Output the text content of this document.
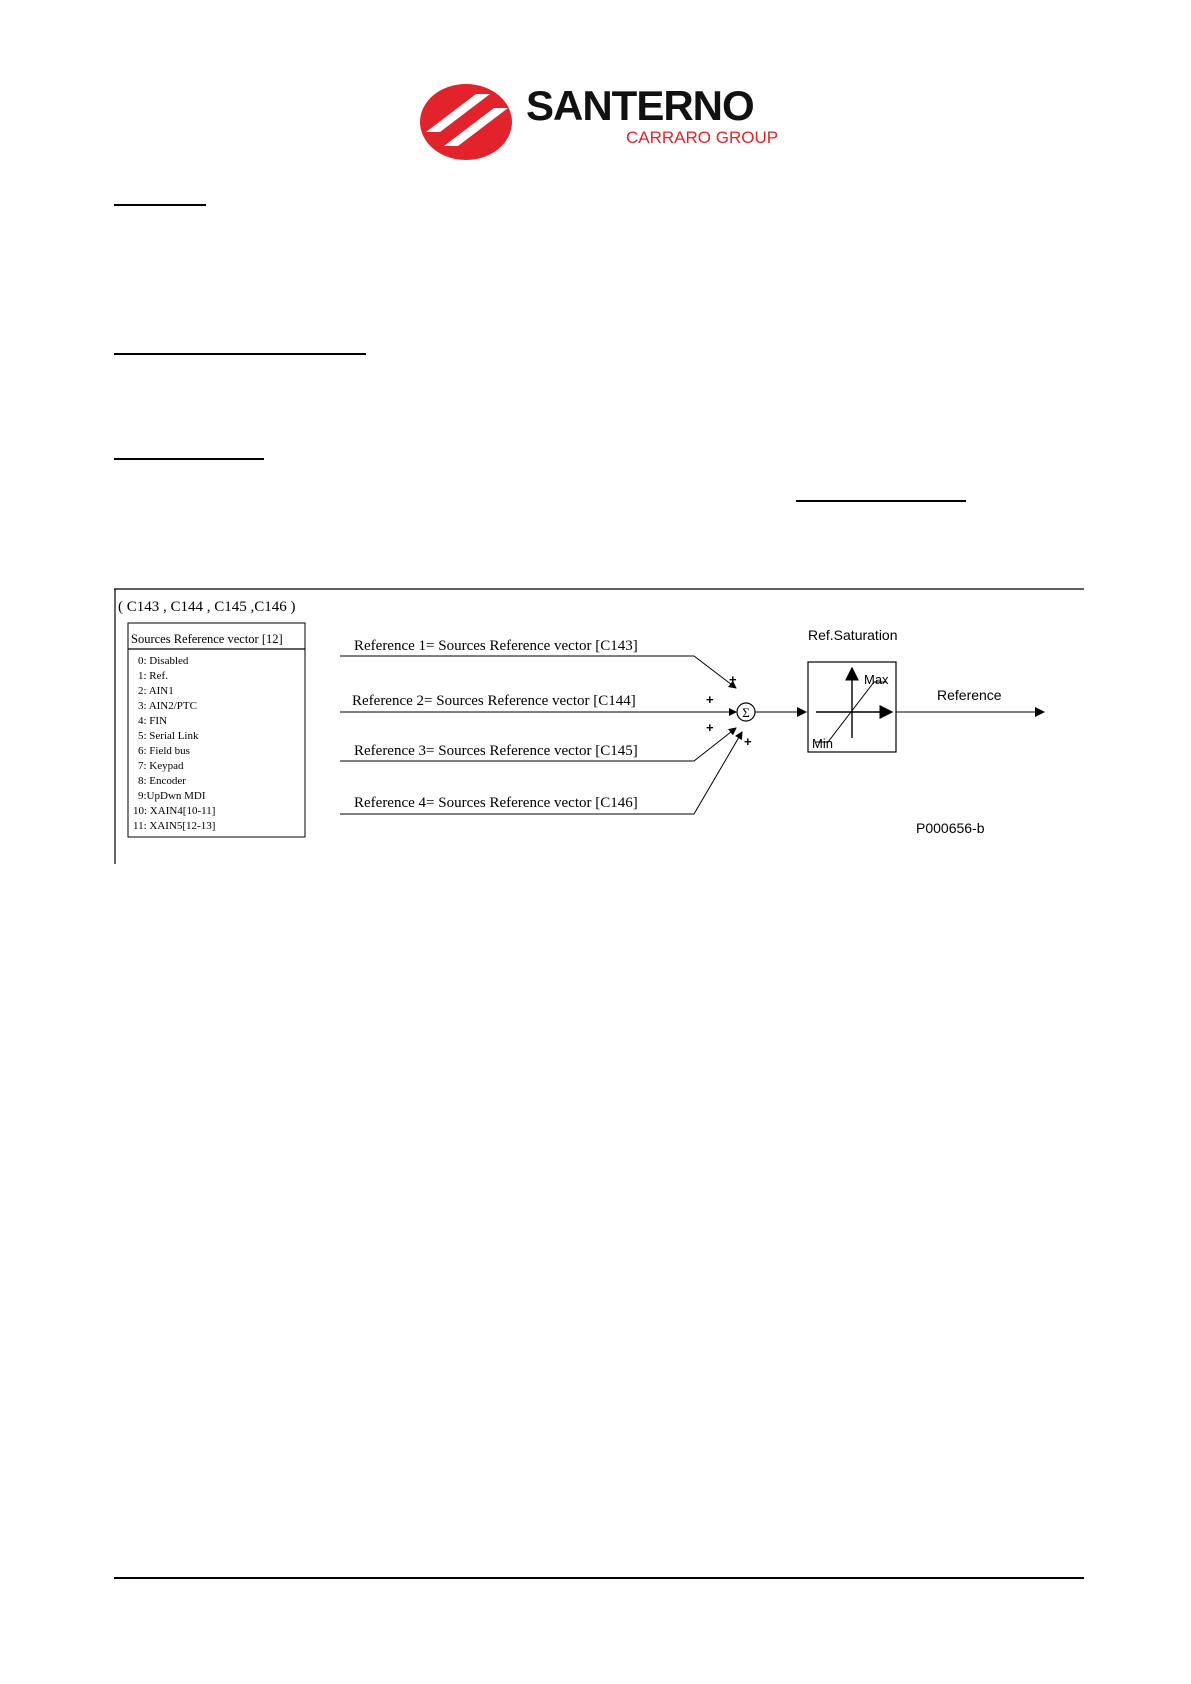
SANTERNO
CARRARO GROUP
( C143 , C144 , C145 ,C146 )
Sources Reference vector [12]
0: Disabled
1: Ref.
2: AIN1
3: AIN2/PTC
4: FIN
5: Serial Link
6: Field bus
7: Keypad
8: Encoder
9:UpDwn MDI
10: XAIN4[10-11]
11: XAIN5[12-13]
Reference 1= Sources Reference vector [C143]
Reference 2= Sources Reference vector [C144]
Reference 3= Sources Reference vector [C145]
Reference 4= Sources Reference vector [C146]
+
+
+
+
Σ
Ref.Saturation
Max
Min
Reference
P000656-b
